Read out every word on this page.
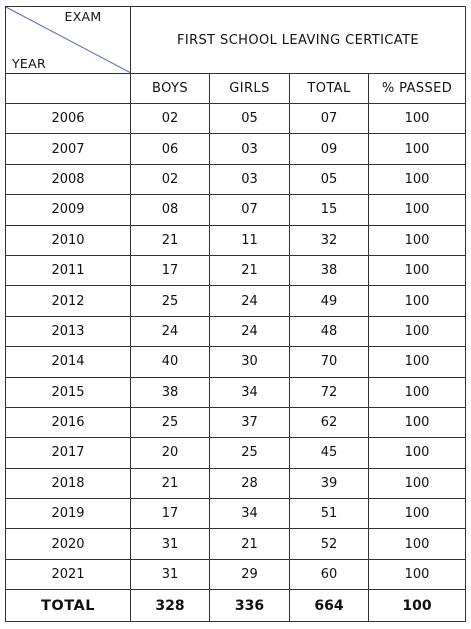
EXAM
YEAR	FIRST SCHOOL LEAVING CERTICATE			
	BOYS	GIRLS	TOTAL	% PASSED
2006	02	05	07	100
2007	06	03	09	100
2008	02	03	05	100
2009	08	07	15	100
2010	21	11	32	100
2011	17	21	38	100
2012	25	24	49	100
2013	24	24	48	100
2014	40	30	70	100
2015	38	34	72	100
2016	25	37	62	100
2017	20	25	45	100
2018	21	28	39	100
2019	17	34	51	100
2020	31	21	52	100
2021	31	29	60	100
TOTAL	328	336	664	100
